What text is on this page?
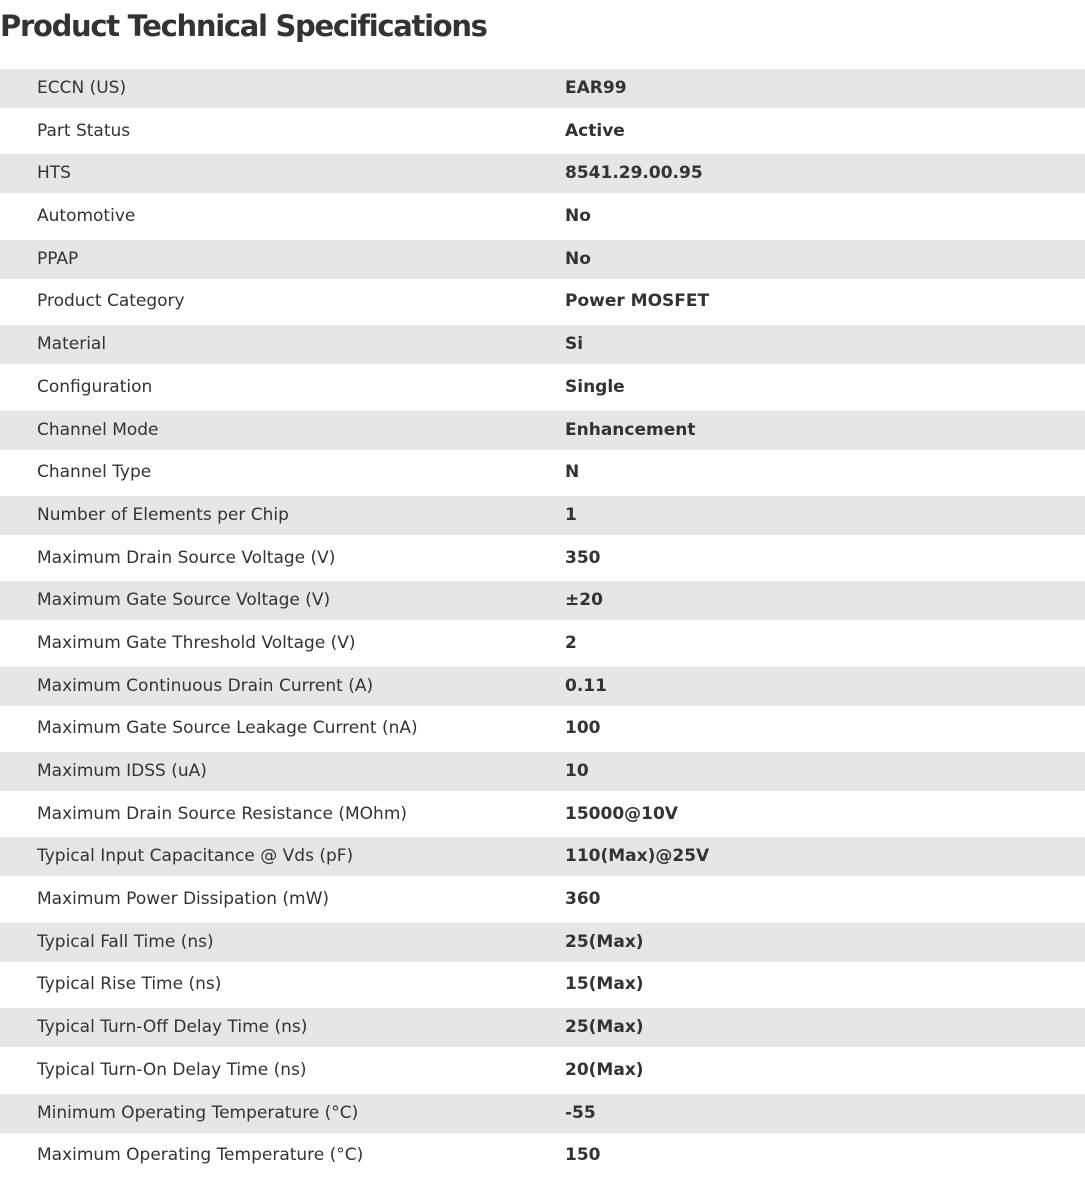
Product Technical Specifications
ECCN (US)	EAR99
Part Status	Active
HTS	8541.29.00.95
Automotive	No
PPAP	No
Product Category	Power MOSFET
Material	Si
Configuration	Single
Channel Mode	Enhancement
Channel Type	N
Number of Elements per Chip	1
Maximum Drain Source Voltage (V)	350
Maximum Gate Source Voltage (V)	±20
Maximum Gate Threshold Voltage (V)	2
Maximum Continuous Drain Current (A)	0.11
Maximum Gate Source Leakage Current (nA)	100
Maximum IDSS (uA)	10
Maximum Drain Source Resistance (MOhm)	15000@10V
Typical Input Capacitance @ Vds (pF)	110(Max)@25V
Maximum Power Dissipation (mW)	360
Typical Fall Time (ns)	25(Max)
Typical Rise Time (ns)	15(Max)
Typical Turn-Off Delay Time (ns)	25(Max)
Typical Turn-On Delay Time (ns)	20(Max)
Minimum Operating Temperature (°C)	-55
Maximum Operating Temperature (°C)	150
